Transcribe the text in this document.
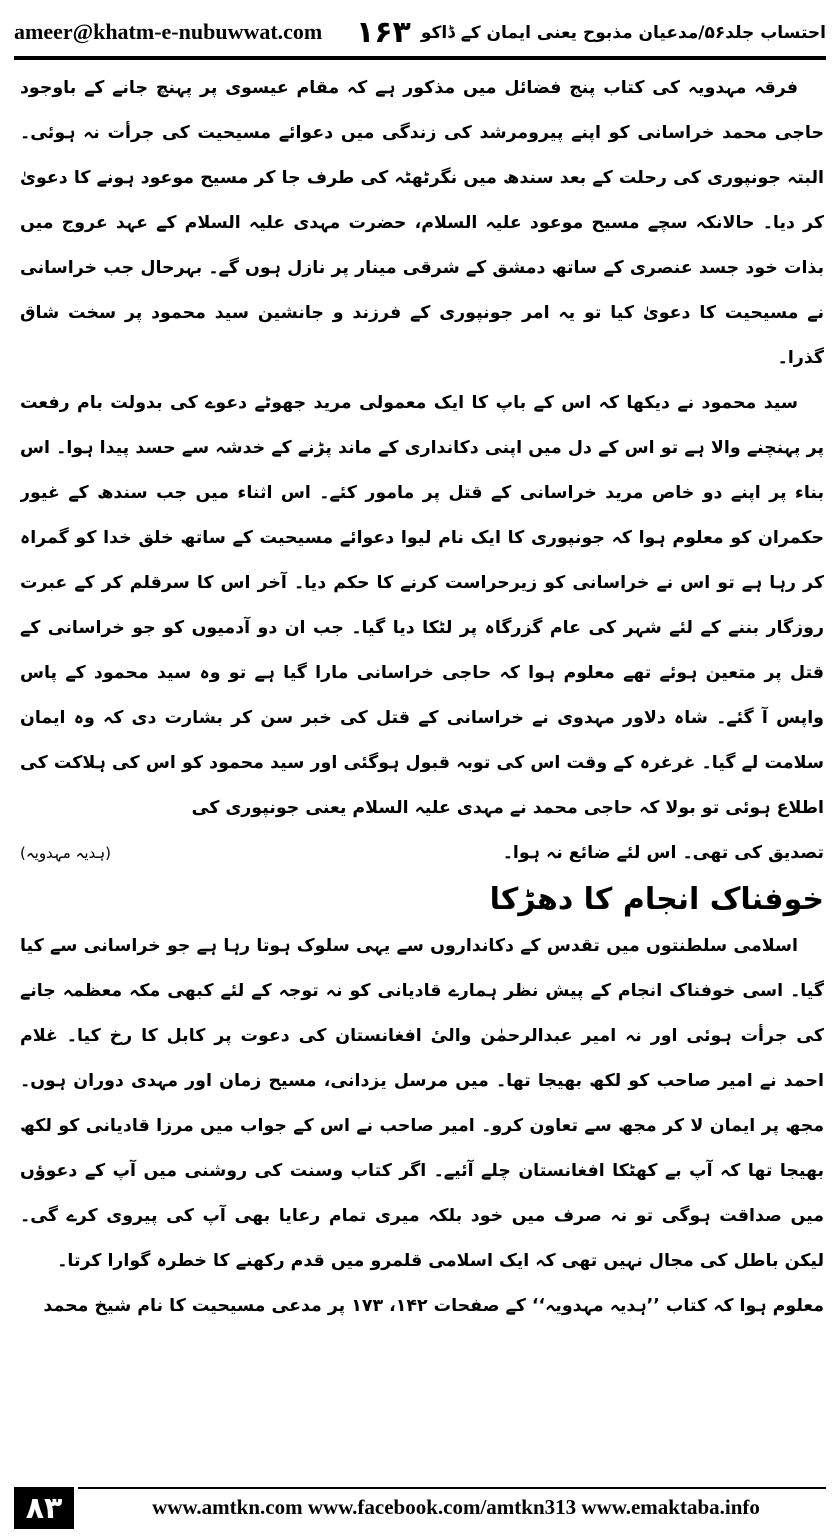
ameer@khatm-e-nubuwwat.com	احتساب جلد۵۶/مدعیان مذبوح یعنی ایمان کے ڈاکو
۱۶۳

فرقہ مہدویہ کی کتاب پنج فضائل میں مذکور ہے کہ مقام عیسوی پر پہنچ جانے کے باوجود حاجی محمد خراسانی کو اپنے پیرومرشد کی زندگی میں دعوائے مسیحیت کی جرأت نہ ہوئی۔ البتہ جونپوری کی رحلت کے بعد سندھ میں نگرٹھٹہ کی طرف جا کر مسیح موعود ہونے کا دعویٰ کر دیا۔ حالانکہ سچے مسیح موعود علیہ السلام، حضرت مہدی علیہ السلام کے عہد عروج میں بذات خود جسد عنصری کے ساتھ دمشق کے شرقی مینار پر نازل ہوں گے۔ بہرحال جب خراسانی نے مسیحیت کا دعویٰ کیا تو یہ امر جونپوری کے فرزند و جانشین سید محمود پر سخت شاق گذرا۔

سید محمود نے دیکھا کہ اس کے باپ کا ایک معمولی مرید جھوٹے دعوے کی بدولت بام رفعت پر پہنچنے والا ہے تو اس کے دل میں اپنی دکانداری کے ماند پڑنے کے خدشہ سے حسد پیدا ہوا۔ اس بناء پر اپنے دو خاص مرید خراسانی کے قتل پر مامور کئے۔ اس اثناء میں جب سندھ کے غیور حکمران کو معلوم ہوا کہ جونپوری کا ایک نام لیوا دعوائے مسیحیت کے ساتھ خلق خدا کو گمراہ کر رہا ہے تو اس نے خراسانی کو زیرحراست کرنے کا حکم دیا۔ آخر اس کا سرقلم کر کے عبرت روزگار بننے کے لئے شہر کی عام گزرگاہ پر لٹکا دیا گیا۔ جب ان دو آدمیوں کو جو خراسانی کے قتل پر متعین ہوئے تھے معلوم ہوا کہ حاجی خراسانی مارا گیا ہے تو وہ سید محمود کے پاس واپس آ گئے۔ شاہ دلاور مہدوی نے خراسانی کے قتل کی خبر سن کر بشارت دی کہ وہ ایمان سلامت لے گیا۔ غرغرہ کے وقت اس کی توبہ قبول ہوگئی اور سید محمود کو اس کی ہلاکت کی اطلاع ہوئی تو بولا کہ حاجی محمد نے مہدی علیہ السلام یعنی جونپوری کی

تصدیق کی تھی۔ اس لئے ضائع نہ ہوا۔

(ہدیہ مہدویہ)
خوفناک انجام کا دھڑکا

اسلامی سلطنتوں میں تقدس کے دکانداروں سے یہی سلوک ہوتا رہا ہے جو خراسانی سے کیا گیا۔ اسی خوفناک انجام کے پیش نظر ہمارے قادیانی کو نہ توجہ کے لئے کبھی مکہ معظمہ جانے کی جرأت ہوئی اور نہ امیر عبدالرحمٰن والیٔ افغانستان کی دعوت پر کابل کا رخ کیا۔ غلام احمد نے امیر صاحب کو لکھ بھیجا تھا۔ میں مرسل یزدانی، مسیح زمان اور مہدی دوران ہوں۔ مجھ پر ایمان لا کر مجھ سے تعاون کرو۔ امیر صاحب نے اس کے جواب میں مرزا قادیانی کو لکھ بھیجا تھا کہ آپ بے کھٹکا افغانستان چلے آئیے۔ اگر کتاب وسنت کی روشنی میں آپ کے دعوؤں میں صداقت ہوگی تو نہ صرف میں خود بلکہ میری تمام رعایا بھی آپ کی پیروی کرے گی۔ لیکن باطل کی مجال نہیں تھی کہ ایک اسلامی قلمرو میں قدم رکھنے کا خطرہ گوارا کرتا۔

معلوم ہوا کہ کتاب ’’ہدیہ مہدویہ‘‘ کے صفحات ۱۴۲، ۱۷۳ پر مدعی مسیحیت کا نام شیخ محمد

۸۳	www.amtkn.com www.facebook.com/amtkn313 www.emaktaba.info
